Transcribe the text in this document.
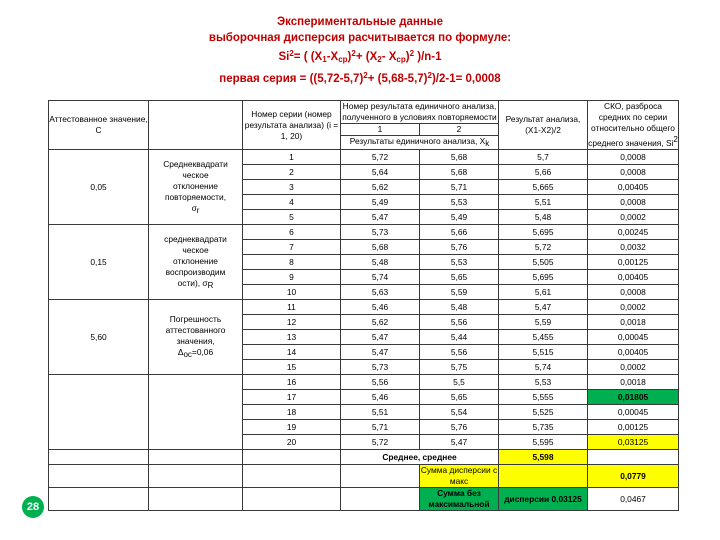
Экспериментальные данные
выборочная дисперсия расчитывается по формуле:
$Si^2=$ ( $(X_1-X_{ср})^2+ (X_2-$ $X_{ср})^2$ )/n-1
первая серия = $((5,72-5,7)^2+ (5,68-5,7)^2)/2-1= 0,0008$
Аттестованное значение, С		Номер серии (номер результата анализа) (i = 1, 20)	Номер результата единичного анализа, полученного в условиях повторяемости		Результат анализа, (X1-X2)/2	СКО, разброса средних по серии относительно общего среднего значения, Si$^2$
			1	2		
			Результаты единичного анализа, $X_k$
0,05	Среднеквадрати
ческое
отклонение
повторяемости,
$\sigma_r$	1	5,72	5,68	5,7	0,0008
		2	5,64	5,68	5,66	0,0008
		3	5,62	5,71	5,665	0,00405
		4	5,49	5,53	5,51	0,0008
		5	5,47	5,49	5,48	0,0002
0,15	среднеквадрати
ческое
отклонение
воспроизводим
ости), $\sigma_R$	6	5,73	5,66	5,695	0,00245
		7	5,68	5,76	5,72	0,0032
		8	5,48	5,53	5,505	0,00125
		9	5,74	5,65	5,695	0,00405
		10	5,63	5,59	5,61	0,0008
5,60	Погрешность
аттестованного
значения,
$\Delta_{ос}=0,06$	11	5,46	5,48	5,47	0,0002
		12	5,62	5,56	5,59	0,0018
		13	5,47	5,44	5,455	0,00045
		14	5,47	5,56	5,515	0,00405
		15	5,73	5,75	5,74	0,0002
		16	5,56	5,5	5,53	0,0018
		17	5,46	5,65	5,555	0,01805
		18	5,51	5,54	5,525	0,00045
		19	5,71	5,76	5,735	0,00125
		20	5,72	5,47	5,595	0,03125
			Среднее, среднее		5,598	
				Сумма дисперсии с макс		0,0779
				Сумма без максимальной	дисперсии 0,03125	0,0467
28
